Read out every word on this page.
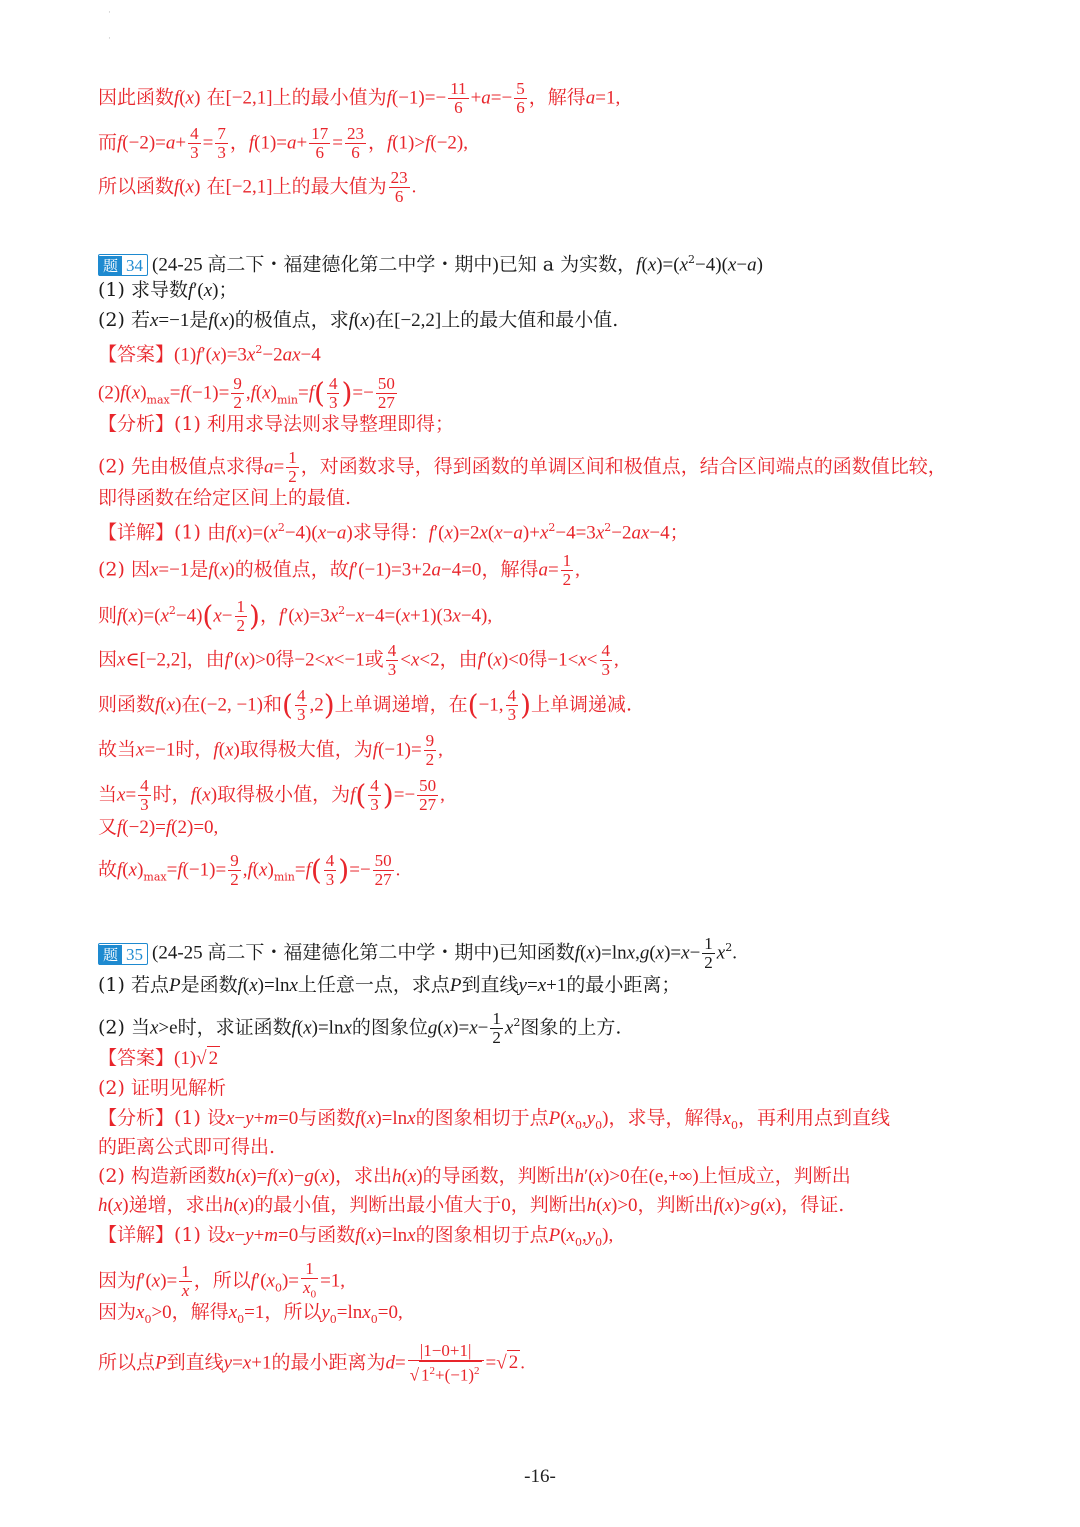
·
·
因此函数f(x) 在[−2,1]上的最小值为$f(-1)=- \frac{11}{6} +a=- \frac{5}{6}$ ，解得a=1,
而$f(-2)=a+ \frac{4}{3} = \frac{7}{3}$ ，$f(1)=a+ \frac{17}{6} = \frac{23}{6}$ ，f(1)>f(−2),
所以函数f(x) 在[−2,1]上的最大值为 $\frac{23}{6}$ .
题 34 (24-25 高二下・福建德化第二中学・期中)已知 a 为实数，$f(x)=(x^2-4)(x-a)$
(1) 求导数f′(x)；
(2) 若x=−1是f(x)的极值点，求f(x)在[−2,2]上的最大值和最小值.
【答案】$(1)f'(x)=3x^2-2ax-4$
$(2)f(x)_{max}=f(-1)= \frac{9}{2} ,f(x)_{min}=f( \frac{4}{3}$ )=− $\frac{50}{27}$
【分析】(1) 利用求导法则求导整理即得；
(2) 先由极值点求得$a= \frac{1}{2}$ ，对函数求导，得到函数的单调区间和极值点，结合区间端点的函数值比较，
即得函数在给定区间上的最值.
【详解】(1) 由$f(x)=(x^2-4)(x-a)$求导得：$f'(x)=2x(x-a)+x^2-4=3x^2-2ax-4$；
(2) 因x=−1是f(x)的极值点，故f′(−1)=3+2a−4=0，解得$a= \frac{1}{2}$ ,
则$f(x)=(x^2-4)(x- \frac{1}{2}$ )，$f'(x)=3x^2-x-4=(x+1)(3x-4)$,
因x∈[−2,2]，由f′(x)>0得−2<x<−1或 $\frac{4}{3} <x<2$，由f′(x)<0得$-1<x< \frac{4}{3}$ ,
则函数f(x)在(−2, −1)和( $\frac{4}{3} ,2$)上单调递增，在(−1, $\frac{4}{3}$ )上单调递减.
故当x=−1时，f(x)取得极大值，为$f(-1)= \frac{9}{2}$ ,
当$x= \frac{4}{3}$ 时，f(x)取得极小值，为$f( \frac{4}{3}$ )=− $\frac{50}{27}$ ,
又f(−2)=f(2)=0,
故$f(x)_{max}=f(-1)= \frac{9}{2} ,f(x)_{min}=f( \frac{4}{3}$ )=− $\frac{50}{27}$ .
题 35 (24-25 高二下・福建德化第二中学・期中)已知函数$f(x)=\ln x,g(x)=x- \frac{1}{2} x^2$.
(1) 若点P是函数f(x)=lnx上任意一点，求点P到直线y=x+1的最小距离；
(2) 当x>e时，求证函数f(x)=lnx的图象位$g(x)=x- \frac{1}{2} x^2$图象的上方.
【答案】(1)√ 2
(2) 证明见解析
【分析】(1) 设x−y+m=0与函数f(x)=lnx的图象相切于点$P(x_0,y_0)$，求导，解得$x_0$，再利用点到直线
的距离公式即可得出.
(2) 构造新函数h(x)=f(x)−g(x)，求出h(x)的导函数，判断出h′(x)>0在(e,+∞)上恒成立，判断出
h(x)递增，求出h(x)的最小值，判断出最小值大于0，判断出h(x)>0，判断出f(x)>g(x)，得证.
【详解】(1) 设x−y+m=0与函数f(x)=lnx的图象相切于点$P(x_0,y_0)$,
因为$f'(x)= \frac{1}{x}$ ，所以$f'(x_0)= \frac{1}{x_0} =1$,
因为$x_0>0$，解得$x_0=1$，所以$y_0=\ln x_0=0$,
所以点P到直线y=x+1的最小距离为$d= \frac{|1-0+1|}{√ 1^2+(-1)^2}$ =√ 2 .
-16-
